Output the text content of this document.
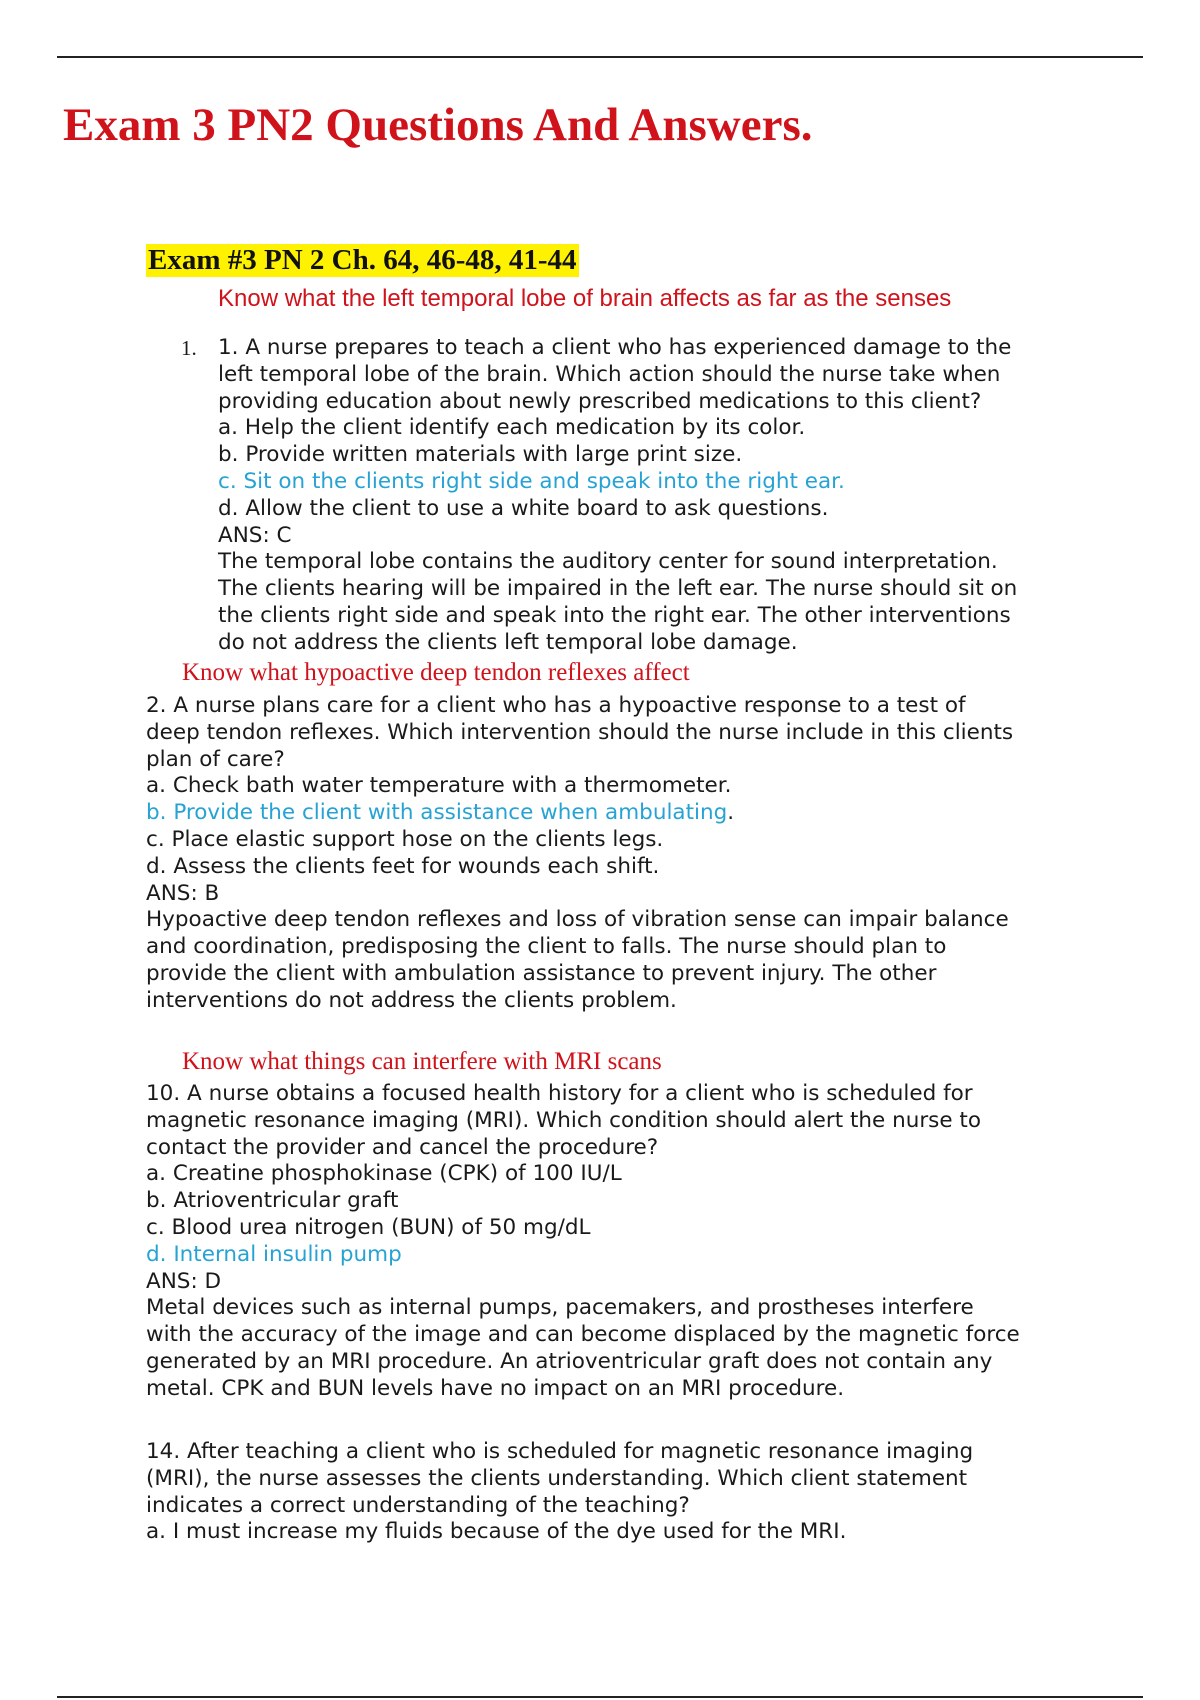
Exam 3 PN2 Questions And Answers.
Exam #3 PN 2 Ch. 64, 46-48, 41-44
Know what the left temporal lobe of brain affects as far as the senses
1. 1. A nurse prepares to teach a client who has experienced damage to the
left temporal lobe of the brain. Which action should the nurse take when
providing education about newly prescribed medications to this client?
a. Help the client identify each medication by its color.
b. Provide written materials with large print size.
c. Sit on the clients right side and speak into the right ear.
d. Allow the client to use a white board to ask questions.
ANS: C
The temporal lobe contains the auditory center for sound interpretation.
The clients hearing will be impaired in the left ear. The nurse should sit on
the clients right side and speak into the right ear. The other interventions
do not address the clients left temporal lobe damage.
Know what hypoactive deep tendon reflexes affect
2. A nurse plans care for a client who has a hypoactive response to a test of
deep tendon reflexes. Which intervention should the nurse include in this clients
plan of care?
a. Check bath water temperature with a thermometer.
b. Provide the client with assistance when ambulating.
c. Place elastic support hose on the clients legs.
d. Assess the clients feet for wounds each shift.
ANS: B
Hypoactive deep tendon reflexes and loss of vibration sense can impair balance
and coordination, predisposing the client to falls. The nurse should plan to
provide the client with ambulation assistance to prevent injury. The other
interventions do not address the clients problem.
Know what things can interfere with MRI scans
10. A nurse obtains a focused health history for a client who is scheduled for
magnetic resonance imaging (MRI). Which condition should alert the nurse to
contact the provider and cancel the procedure?
a. Creatine phosphokinase (CPK) of 100 IU/L
b. Atrioventricular graft
c. Blood urea nitrogen (BUN) of 50 mg/dL
d. Internal insulin pump
ANS: D
Metal devices such as internal pumps, pacemakers, and prostheses interfere
with the accuracy of the image and can become displaced by the magnetic force
generated by an MRI procedure. An atrioventricular graft does not contain any
metal. CPK and BUN levels have no impact on an MRI procedure.
14. After teaching a client who is scheduled for magnetic resonance imaging
(MRI), the nurse assesses the clients understanding. Which client statement
indicates a correct understanding of the teaching?
a. I must increase my fluids because of the dye used for the MRI.
